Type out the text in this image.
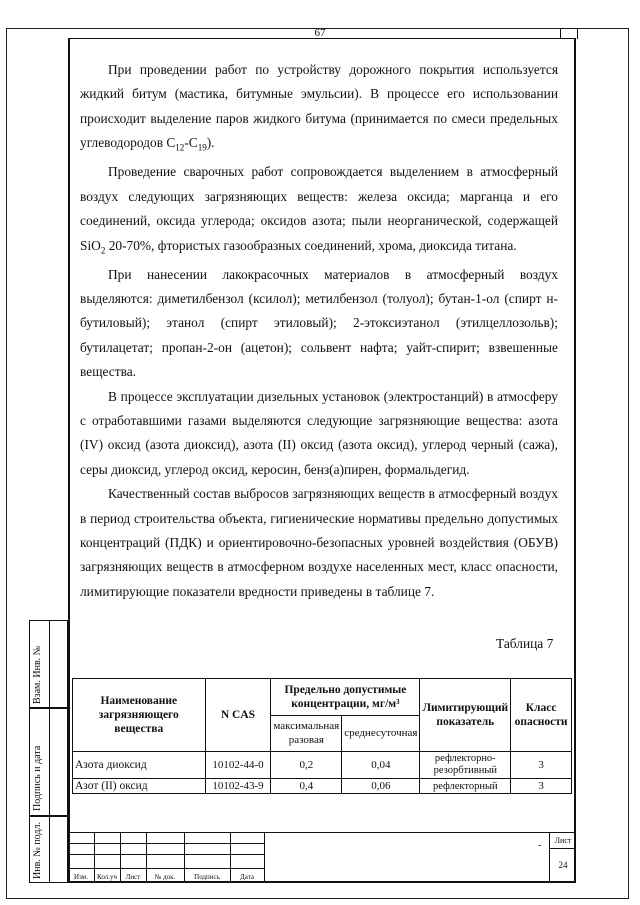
67

При проведении работ по устройству дорожного покрытия используется жидкий битум (мастика, битумные эмульсии). В процессе его использовании происходит выделение паров жидкого битума (принимается по смеси предельных углеводородов $С_{12}-С_{19}$).

Проведение сварочных работ сопровождается выделением в атмосферный воздух следующих загрязняющих веществ: железа оксида; марганца и его соединений, оксида углерода; оксидов азота; пыли неорганической, содержащей SiO$_2$ 20-70%, фтористых газообразных соединений, хрома, диоксида титана.

При нанесении лакокрасочных материалов в атмосферный воздух выделяются: диметилбензол (ксилол); метилбензол (толуол); бутан-1-ол (спирт н-бутиловый); этанол (спирт этиловый); 2-этоксиэтанол (этилцеллозольв); бутилацетат; пропан-2-он (ацетон); сольвент нафта; уайт-спирит; взвешенные вещества.

В процессе эксплуатации дизельных установок (электростанций) в атмосферу с отработавшими газами выделяются следующие загрязняющие вещества: азота (IV) оксид (азота диоксид), азота (II) оксид (азота оксид), углерод черный (сажа), серы диоксид, углерод оксид, керосин, бенз(а)пирен, формальдегид.

Качественный состав выбросов загрязняющих веществ в атмосферный воздух в период строительства объекта, гигиенические нормативы предельно допустимых концентраций (ПДК) и ориентировочно-безопасных уровней воздействия (ОБУВ) загрязняющих веществ в атмосферном воздухе населенных мест, класс опасности, лимитирующие показатели вредности приведены в таблице 7.

Таблица 7
Наименование загрязняющего вещества	N CAS	Предельно допустимые концентрации, мг/м³		Лимитирующий показатель	Класс опасности
		максимальная разовая	среднесуточная		
Азота диоксид	10102-44-0	0,2	0,04	рефлекторно-резорбтивный	3
Азот (II) оксид	10102-43-9	0,4	0,06	рефлекторный	3
Взам. Инв. №
Подпись и дата
Инв. № подл.	Изм.	Кол.уч	Лист	№ док.	Подпись	Дата
-	Лист
24
